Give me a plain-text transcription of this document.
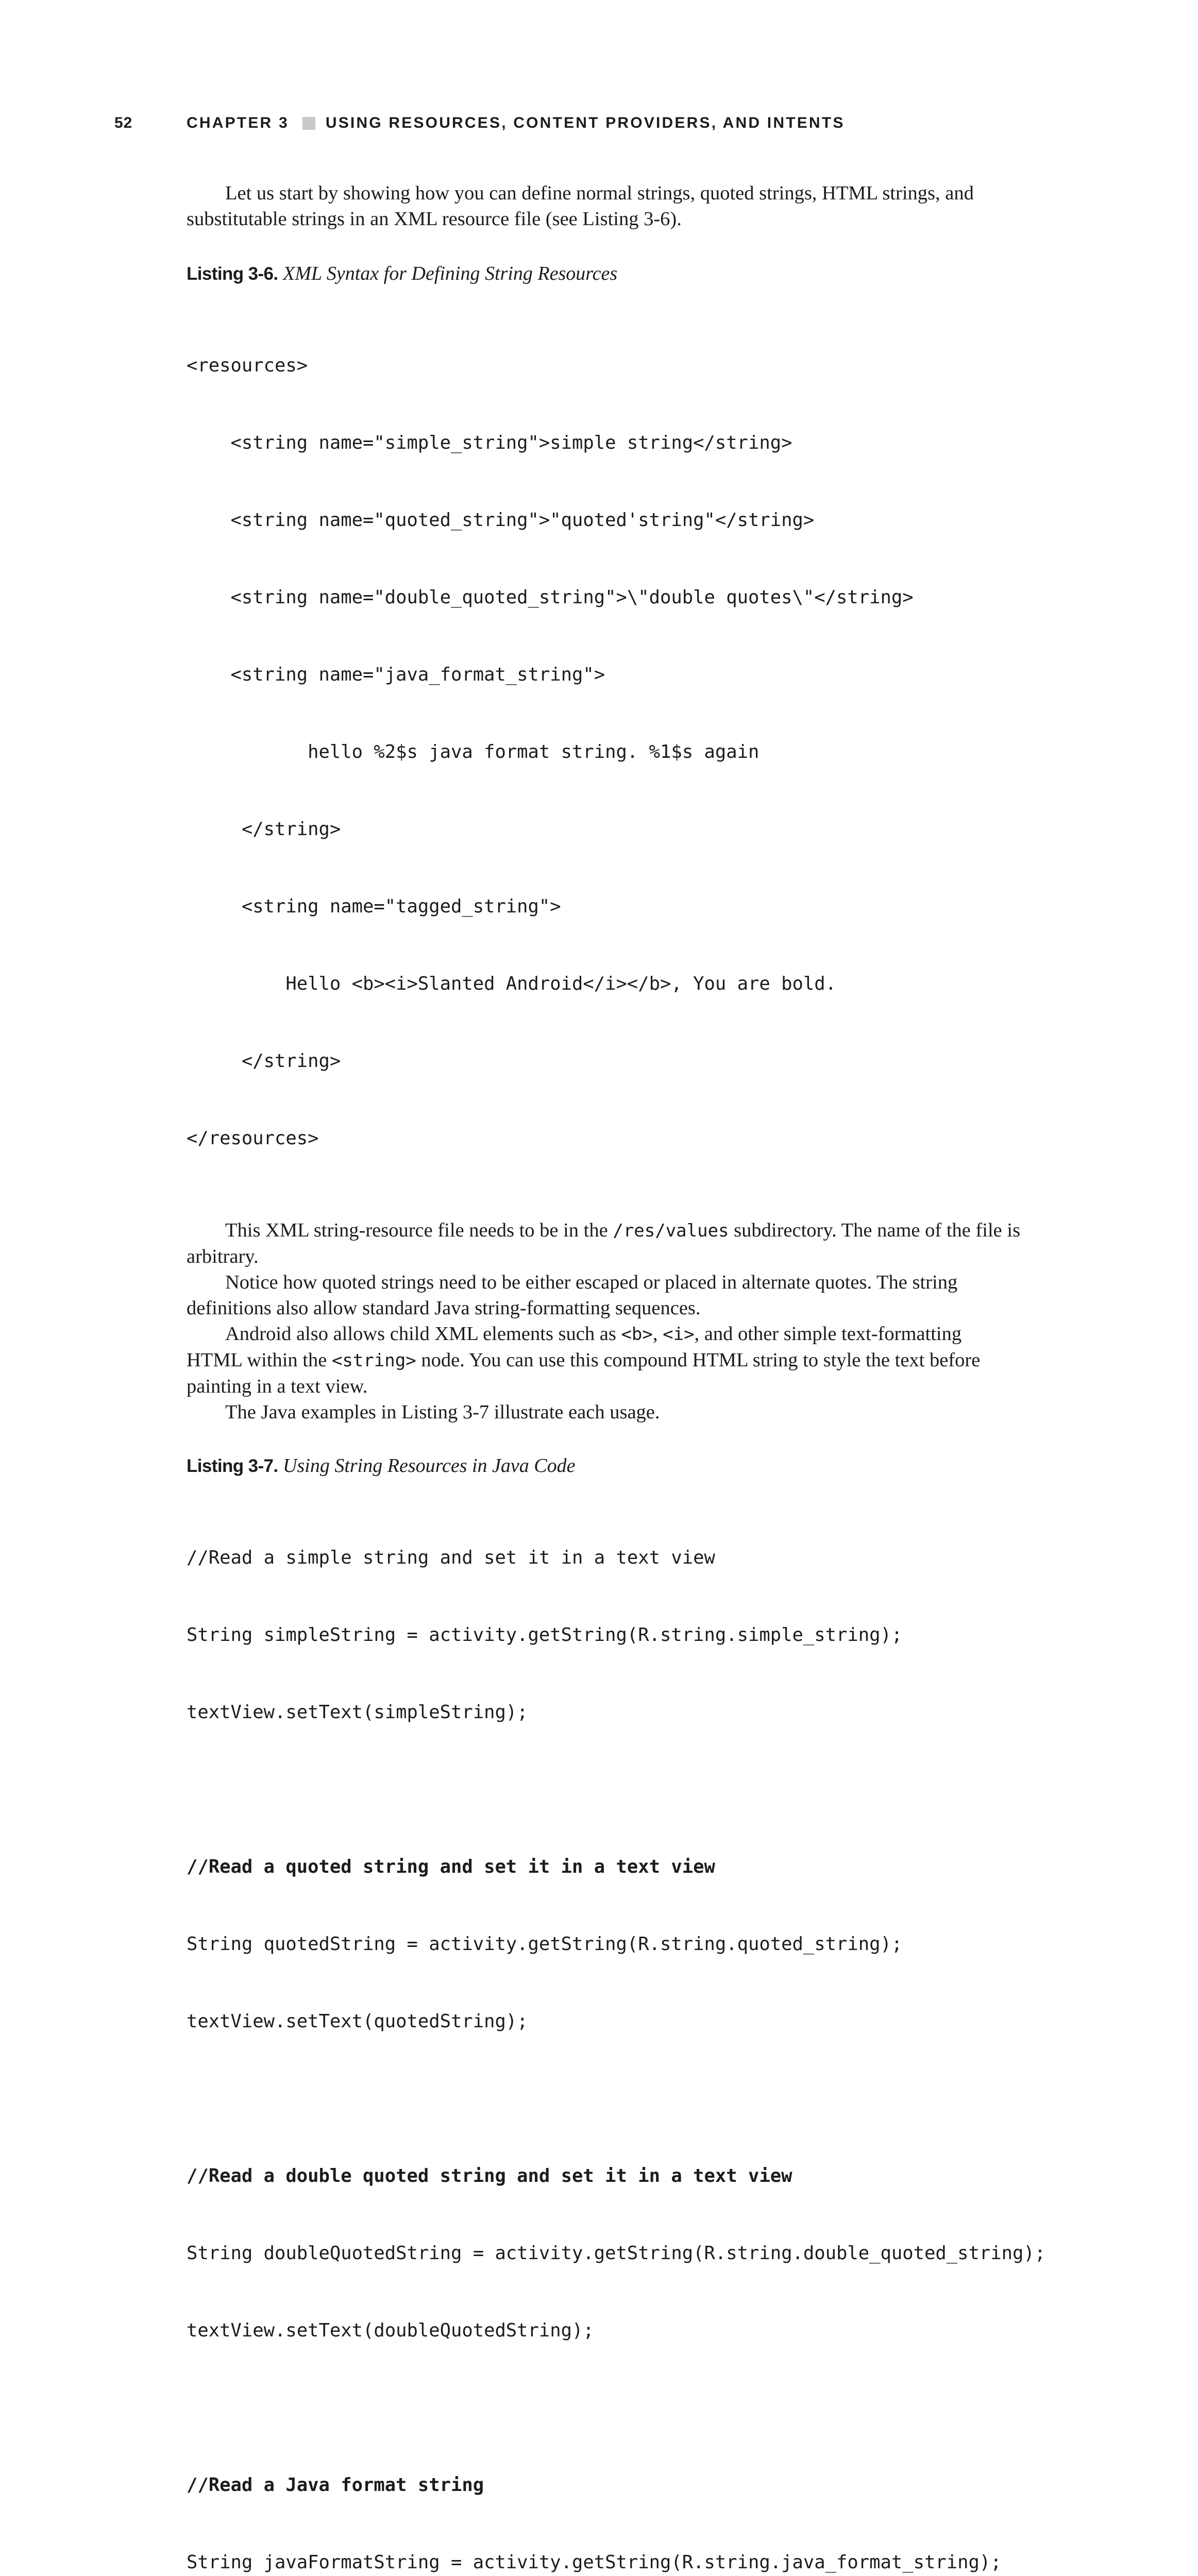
52	CHAPTER 3 USING RESOURCES, CONTENT PROVIDERS, AND INTENTS

Let us start by showing how you can define normal strings, quoted strings, HTML strings, and substitutable strings in an XML resource file (see Listing 3-6).

Listing 3-6. XML Syntax for Defining String Resources

<resources>

<string name="simple_string">simple string</string>

<string name="quoted_string">"quoted'string"</string>

<string name="double_quoted_string">\"double quotes\"</string>

<string name="java_format_string">

hello %2$s java format string. %1$s again

</string>

<string name="tagged_string">

Hello <b><i>Slanted Android</i></b>, You are bold.

</string>

</resources>

This XML string-resource file needs to be in the /res/values subdirectory. The name of the file is arbitrary.

Notice how quoted strings need to be either escaped or placed in alternate quotes. The string definitions also allow standard Java string-formatting sequences.

Android also allows child XML elements such as <b>, <i>, and other simple text-formatting HTML within the <string> node. You can use this compound HTML string to style the text before painting in a text view.

The Java examples in Listing 3-7 illustrate each usage.

Listing 3-7. Using String Resources in Java Code

//Read a simple string and set it in a text view

String simpleString = activity.getString(R.string.simple_string);

textView.setText(simpleString);

//Read a quoted string and set it in a text view

String quotedString = activity.getString(R.string.quoted_string);

textView.setText(quotedString);

//Read a double quoted string and set it in a text view

String doubleQuotedString = activity.getString(R.string.double_quoted_string);

textView.setText(doubleQuotedString);

//Read a Java format string

String javaFormatString = activity.getString(R.string.java_format_string);
